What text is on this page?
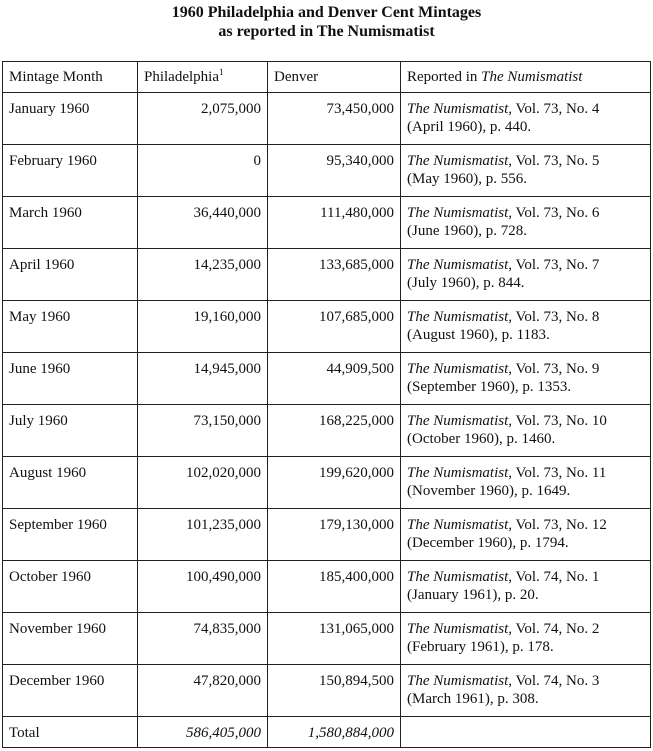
1960 Philadelphia and Denver Cent Mintages
as reported in The Numismatist
Mintage Month	Philadelphia$^1$	Denver	Reported in The Numismatist
January 1960	2,075,000	73,450,000	The Numismatist, Vol. 73, No. 4
(April 1960), p. 440.
February 1960	0	95,340,000	The Numismatist, Vol. 73, No. 5
(May 1960), p. 556.
March 1960	36,440,000	111,480,000	The Numismatist, Vol. 73, No. 6
(June 1960), p. 728.
April 1960	14,235,000	133,685,000	The Numismatist, Vol. 73, No. 7
(July 1960), p. 844.
May 1960	19,160,000	107,685,000	The Numismatist, Vol. 73, No. 8
(August 1960), p. 1183.
June 1960	14,945,000	44,909,500	The Numismatist, Vol. 73, No. 9
(September 1960), p. 1353.
July 1960	73,150,000	168,225,000	The Numismatist, Vol. 73, No. 10
(October 1960), p. 1460.
August 1960	102,020,000	199,620,000	The Numismatist, Vol. 73, No. 11
(November 1960), p. 1649.
September 1960	101,235,000	179,130,000	The Numismatist, Vol. 73, No. 12
(December 1960), p. 1794.
October 1960	100,490,000	185,400,000	The Numismatist, Vol. 74, No. 1
(January 1961), p. 20.
November 1960	74,835,000	131,065,000	The Numismatist, Vol. 74, No. 2
(February 1961), p. 178.
December 1960	47,820,000	150,894,500	The Numismatist, Vol. 74, No. 3
(March 1961), p. 308.
Total	586,405,000	1,580,884,000	
